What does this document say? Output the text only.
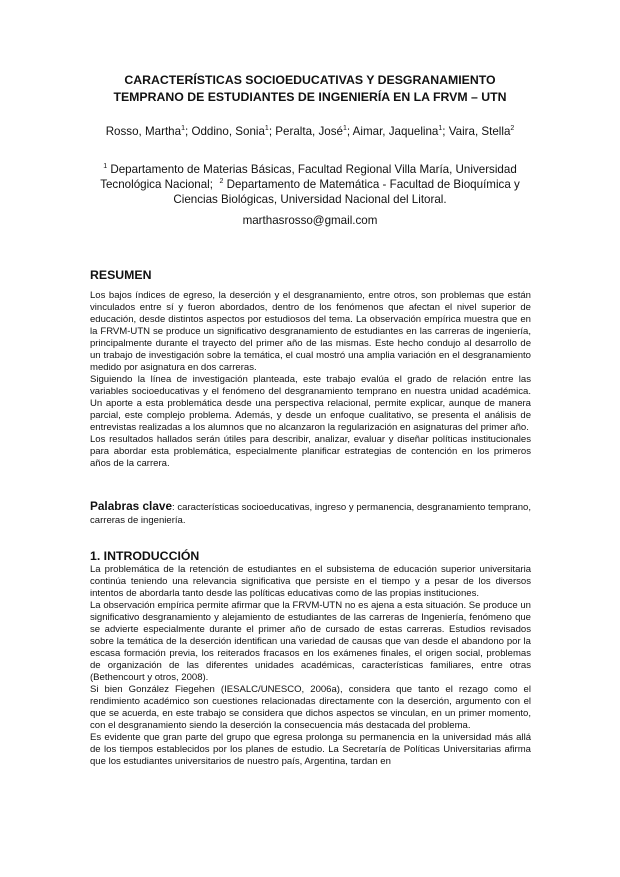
CARACTERÍSTICAS SOCIOEDUCATIVAS Y DESGRANAMIENTO
TEMPRANO DE ESTUDIANTES DE INGENIERÍA EN LA FRVM – UTN
Rosso, Martha$^1$; Oddino, Sonia$^1$; Peralta, José$^1$; Aimar, Jaquelina$^1$; Vaira, Stella$^2$
$^1$ Departamento de Materias Básicas, Facultad Regional Villa María, Universidad Tecnológica Nacional; $^2$ Departamento de Matemática - Facultad de Bioquímica y Ciencias Biológicas, Universidad Nacional del Litoral.
marthasrosso@gmail.com
RESUMEN

Los bajos índices de egreso, la deserción y el desgranamiento, entre otros, son problemas que están vinculados entre sí y fueron abordados, dentro de los fenómenos que afectan el nivel superior de educación, desde distintos aspectos por estudiosos del tema. La observación empírica muestra que en la FRVM-UTN se produce un significativo desgranamiento de estudiantes en las carreras de ingeniería, principalmente durante el trayecto del primer año de las mismas. Este hecho condujo al desarrollo de un trabajo de investigación sobre la temática, el cual mostró una amplia variación en el desgranamiento medido por asignatura en dos carreras.

Siguiendo la línea de investigación planteada, este trabajo evalúa el grado de relación entre las variables socioeducativas y el fenómeno del desgranamiento temprano en nuestra unidad académica. Un aporte a esta problemática desde una perspectiva relacional, permite explicar, aunque de manera parcial, este complejo problema. Además, y desde un enfoque cualitativo, se presenta el análisis de entrevistas realizadas a los alumnos que no alcanzaron la regularización en asignaturas del primer año.

Los resultados hallados serán útiles para describir, analizar, evaluar y diseñar políticas institucionales para abordar esta problemática, especialmente planificar estrategias de contención en los primeros años de la carrera.

Palabras clave: características socioeducativas, ingreso y permanencia, desgranamiento temprano, carreras de ingeniería.
1. INTRODUCCIÓN

La problemática de la retención de estudiantes en el subsistema de educación superior universitaria continúa teniendo una relevancia significativa que persiste en el tiempo y a pesar de los diversos intentos de abordarla tanto desde las políticas educativas como de las propias instituciones.

La observación empírica permite afirmar que la FRVM-UTN no es ajena a esta situación. Se produce un significativo desgranamiento y alejamiento de estudiantes de las carreras de Ingeniería, fenómeno que se advierte especialmente durante el primer año de cursado de estas carreras. Estudios revisados sobre la temática de la deserción identifican una variedad de causas que van desde el abandono por la escasa formación previa, los reiterados fracasos en los exámenes finales, el origen social, problemas de organización de las diferentes unidades académicas, características familiares, entre otras (Bethencourt y otros, 2008).

Si bien González Fiegehen (IESALC/UNESCO, 2006a), considera que tanto el rezago como el rendimiento académico son cuestiones relacionadas directamente con la deserción, argumento con el que se acuerda, en este trabajo se considera que dichos aspectos se vinculan, en un primer momento, con el desgranamiento siendo la deserción la consecuencia más destacada del problema.

Es evidente que gran parte del grupo que egresa prolonga su permanencia en la universidad más allá de los tiempos establecidos por los planes de estudio. La Secretaría de Políticas Universitarias afirma que los estudiantes universitarios de nuestro país, Argentina, tardan en
